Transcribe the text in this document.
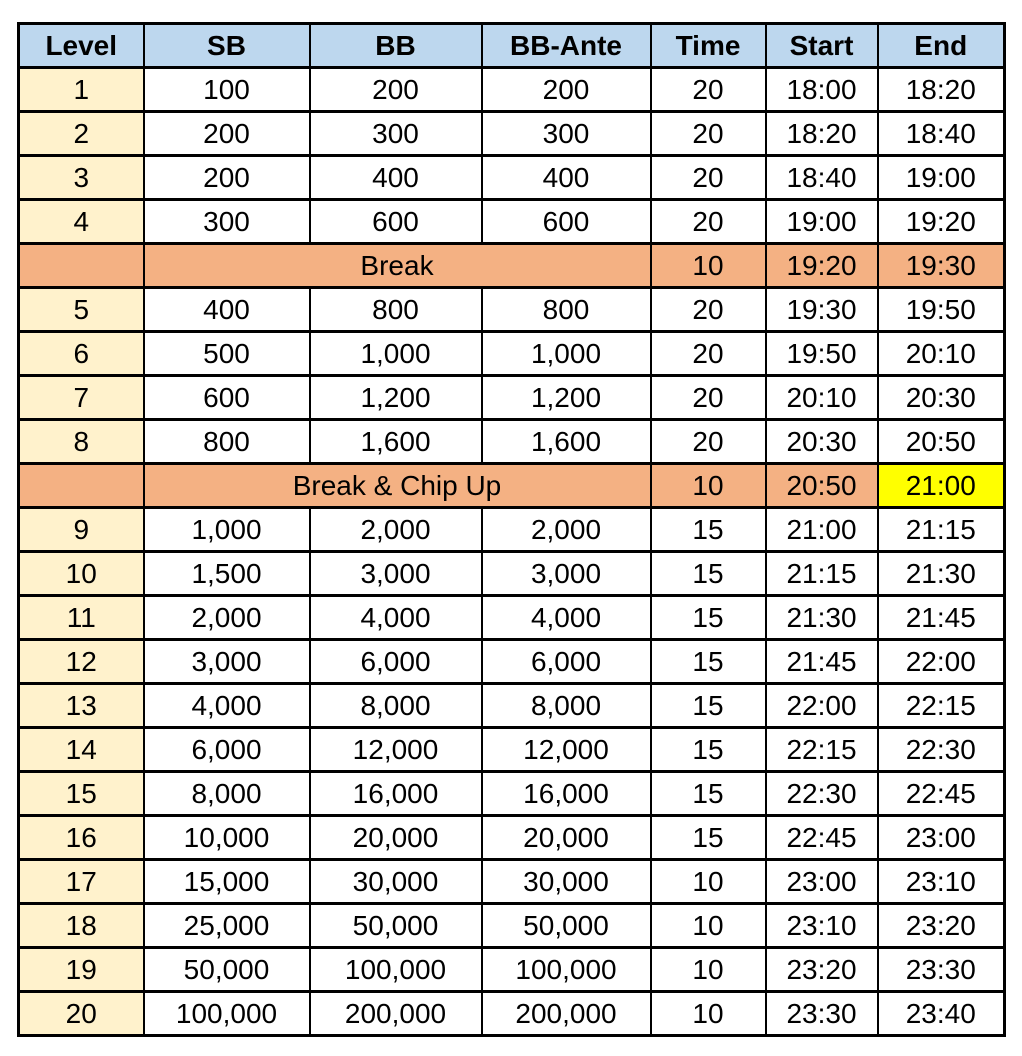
Level	SB	BB	BB-Ante	Time	Start	End
1	100	200	200	20	18:00	18:20
2	200	300	300	20	18:20	18:40
3	200	400	400	20	18:40	19:00
4	300	600	600	20	19:00	19:20
	Break			10	19:20	19:30
5	400	800	800	20	19:30	19:50
6	500	1,000	1,000	20	19:50	20:10
7	600	1,200	1,200	20	20:10	20:30
8	800	1,600	1,600	20	20:30	20:50
	Break & Chip Up			10	20:50	21:00
9	1,000	2,000	2,000	15	21:00	21:15
10	1,500	3,000	3,000	15	21:15	21:30
11	2,000	4,000	4,000	15	21:30	21:45
12	3,000	6,000	6,000	15	21:45	22:00
13	4,000	8,000	8,000	15	22:00	22:15
14	6,000	12,000	12,000	15	22:15	22:30
15	8,000	16,000	16,000	15	22:30	22:45
16	10,000	20,000	20,000	15	22:45	23:00
17	15,000	30,000	30,000	10	23:00	23:10
18	25,000	50,000	50,000	10	23:10	23:20
19	50,000	100,000	100,000	10	23:20	23:30
20	100,000	200,000	200,000	10	23:30	23:40
